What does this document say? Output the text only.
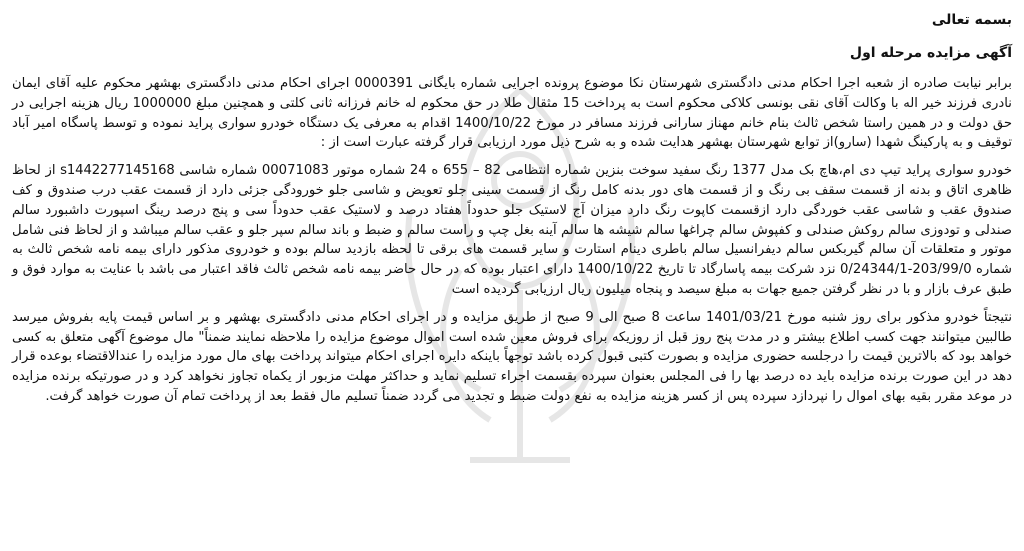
بسمه تعالی

آگهی مزایده مرحله اول

برابر نیابت صادره از شعبه اجرا احکام مدنی دادگستری شهرستان نکا موضوع پرونده اجرایی شماره بایگانی 0000391 اجرای احکام مدنی دادگستری بهشهر محکوم علیه آقای ایمان نادری فرزند خیر اله با وکالت آقای نقی بونسی کلاکی محکوم است به پرداخت 15 مثقال طلا در حق محکوم له خانم فرزانه ثانی کلتی و همچنین مبلغ 1000000 ریال هزینه اجرایی در حق دولت و در همین راستا شخص ثالث بنام خانم مهناز سارانی فرزند مسافر در مورخ 1400/10/22 اقدام به معرفی یک دستگاه خودرو سواری پراید نموده و توسط پاسگاه امیر آباد توقیف و به پارکینگ شهدا (سارو)از توابع شهرستان بهشهر هدایت شده و به شرح ذیل مورد ارزیابی قرار گرفته عبارت است از :

خودرو سواری پراید تیپ دی ام،هاچ بک مدل 1377 رنگ سفید سوخت بنزین شماره انتظامی 82 – 655 ه 24 شماره موتور 00071083 شماره شاسی s1442277145168 از لحاظ ظاهری اتاق و بدنه از قسمت سقف بی رنگ و از قسمت های دور بدنه کامل رنگ از قسمت سینی جلو تعویض و شاسی جلو خورودگی جزئی دارد از قسمت عقب درب صندوق و کف صندوق عقب و شاسی عقب خوردگی دارد ازقسمت کاپوت رنگ دارد میزان آج لاستیک جلو حدوداً هفتاد درصد و لاستیک عقب حدوداً سی و پنج درصد رینگ اسپورت داشبورد سالم صندلی و تودوزی سالم روکش صندلی و کفپوش سالم چراغها سالم شیشه ها سالم آینه بغل چپ و راست سالم و ضبط و باند سالم سپر جلو و عقب سالم میباشد و از لحاظ فنی شامل موتور و متعلقات آن سالم گیربکس سالم دیفرانسیل سالم باطری دینام استارت و سایر قسمت های برقی تا لحظه بازدید سالم بوده و خودروی مذکور دارای بیمه نامه شخص ثالث به شماره 203/99/0-0/24344/1 نزد شرکت بیمه پاسارگاد تا تاریخ 1400/10/22 دارای اعتبار بوده که در حال حاضر بیمه نامه شخص ثالث فاقد اعتبار می باشد با عنایت به موارد فوق و طبق عرف بازار و با در نظر گرفتن جمیع جهات به مبلغ سیصد و پنجاه میلیون ریال ارزیابی گردیده است

نتیجتاً خودرو مذکور برای روز شنبه مورخ 1401/03/21 ساعت 8 صبح الی 9 صبح از طریق مزایده و در اجرای احکام مدنی دادگستری بهشهر و بر اساس قیمت پایه بفروش میرسد طالبین میتوانند جهت کسب اطلاع بیشتر و در مدت پنج روز قبل از روزیکه برای فروش معین شده است اموال موضوع مزایده را ملاحظه نمایند ضمناً" مال موضوع آگهی متعلق به کسی خواهد بود که بالاترین قیمت را درجلسه حضوری مزایده و بصورت کتبی قبول کرده باشد توجهاً باینکه دایره اجرای احکام میتواند پرداخت بهای مال مورد مزایده را عندالاقتضاء بوعده قرار دهد در این صورت برنده مزایده باید ده درصد بها را فی المجلس بعنوان سپرده بقسمت اجراء تسلیم نماید و حداکثر مهلت مزبور از یکماه تجاوز نخواهد کرد و در صورتیکه برنده مزایده در موعد مقرر بقیه بهای اموال را نپردازد سپرده پس از کسر هزینه مزایده به نفع دولت ضبط و تجدید می گردد ضمناً تسلیم مال فقط بعد از پرداخت تمام آن صورت خواهد گرفت.
